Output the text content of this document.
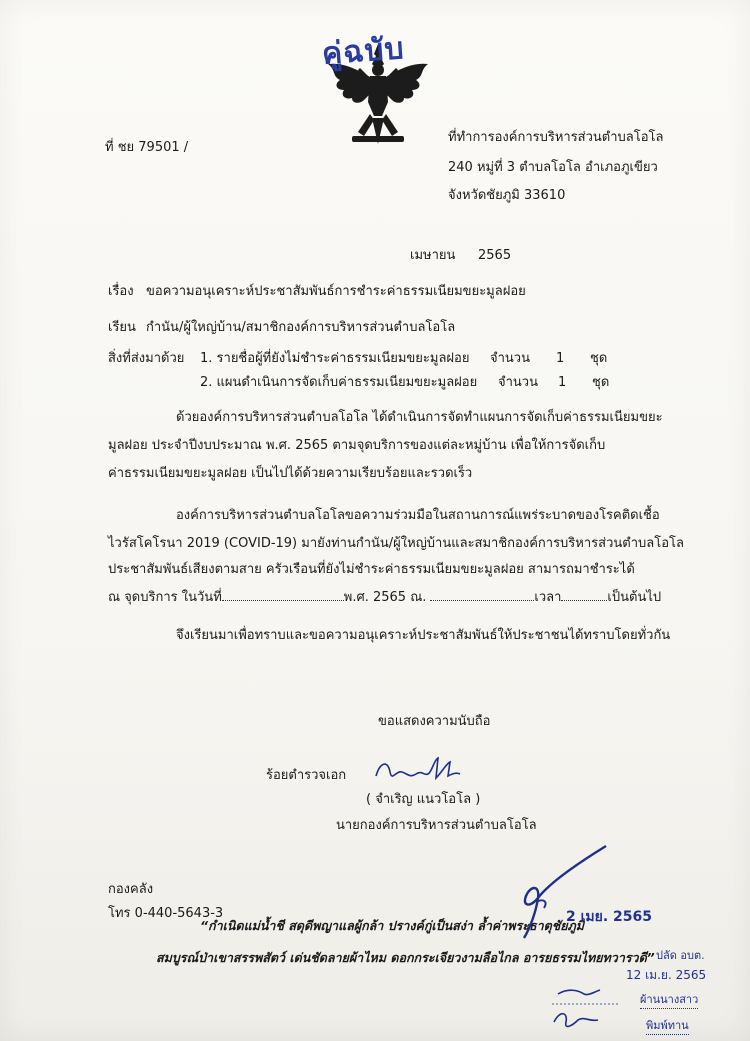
คู่ฉบับ
ที่ ชย 79501 /
ที่ทำการองค์การบริหารส่วนตำบลโอโล
240 หมู่ที่ 3 ตำบลโอโล อำเภอภูเขียว
จังหวัดชัยภูมิ 33610
เมษายน 2565
เรื่อง ขอความอนุเคราะห์ประชาสัมพันธ์การชำระค่าธรรมเนียมขยะมูลฝอย
เรียน กำนัน/ผู้ใหญ่บ้าน/สมาชิกองค์การบริหารส่วนตำบลโอโล
สิ่งที่ส่งมาด้วย 1. รายชื่อผู้ที่ยังไม่ชำระค่าธรรมเนียมขยะมูลฝอย จำนวน 1 ชุด
2. แผนดำเนินการจัดเก็บค่าธรรมเนียมขยะมูลฝอย จำนวน 1 ชุด
ด้วยองค์การบริหารส่วนตำบลโอโล ได้ดำเนินการจัดทำแผนการจัดเก็บค่าธรรมเนียมขยะ
มูลฝอย ประจำปีงบประมาณ พ.ศ. 2565 ตามจุดบริการของแต่ละหมู่บ้าน เพื่อให้การจัดเก็บ
ค่าธรรมเนียมขยะมูลฝอย เป็นไปได้ด้วยความเรียบร้อยและรวดเร็ว
องค์การบริหารส่วนตำบลโอโลขอความร่วมมือในสถานการณ์แพร่ระบาดของโรคติดเชื้อ
ไวรัสโคโรนา 2019 (COVID-19) มายังท่านกำนัน/ผู้ใหญ่บ้านและสมาชิกองค์การบริหารส่วนตำบลโอโล
ประชาสัมพันธ์เสียงตามสาย ครัวเรือนที่ยังไม่ชำระค่าธรรมเนียมขยะมูลฝอย สามารถมาชำระได้
ณ จุดบริการ ในวันที่	พ.ศ. 2565 ณ.	เวลา	เป็นต้นไป
จึงเรียนมาเพื่อทราบและขอความอนุเคราะห์ประชาสัมพันธ์ให้ประชาชนได้ทราบโดยทั่วกัน
ขอแสดงความนับถือ
ร้อยตำรวจเอก
( จำเริญ แนวโอโล )
นายกองค์การบริหารส่วนตำบลโอโล
กองคลัง
โทร 0-440-5643-3
“กำเนิดแม่น้ำชี สดุดีพญาแลผู้กล้า ปรางค์กู่เป็นสง่า ล้ำค่าพระธาตุชัยภูมิ
สมบูรณ์ป่าเขาสรรพสัตว์ เด่นชัดลายผ้าไหม ดอกกระเจียวงามลือไกล อารยธรรมไทยทวารวดี”
2 เมย. 2565
ปลัด อบต.
12 เม.ย. 2565
ผ้านนางสาว
พิมพ์ทาน
